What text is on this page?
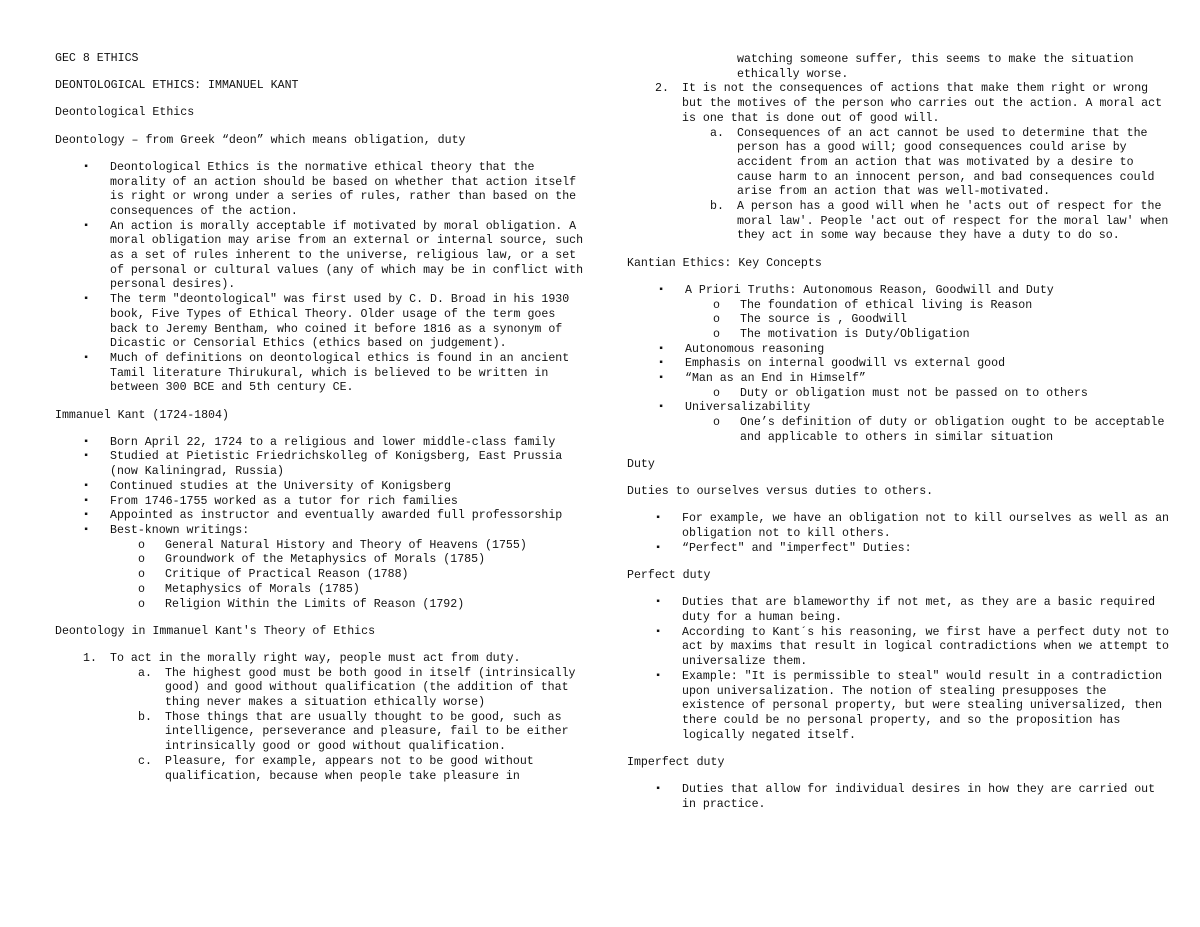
GEC 8 ETHICS

DEONTOLOGICAL ETHICS: IMMANUEL KANT

Deontological Ethics

Deontology – from Greek “deon” which means obligation, duty

▪ Deontological Ethics is the normative ethical theory that the morality of an action should be based on whether that action itself is right or wrong under a series of rules, rather than based on the consequences of the action.
▪ An action is morally acceptable if motivated by moral obligation. A moral obligation may arise from an external or internal source, such as a set of rules inherent to the universe, religious law, or a set of personal or cultural values (any of which may be in conflict with personal desires).
▪ The term "deontological" was first used by C. D. Broad in his 1930 book, Five Types of Ethical Theory. Older usage of the term goes back to Jeremy Bentham, who coined it before 1816 as a synonym of Dicastic or Censorial Ethics (ethics based on judgement).
▪ Much of definitions on deontological ethics is found in an ancient Tamil literature Thirukural, which is believed to be written in between 300 BCE and 5th century CE.

Immanuel Kant (1724-1804)

▪ Born April 22, 1724 to a religious and lower middle-class family
▪ Studied at Pietistic Friedrichskolleg of Konigsberg, East Prussia (now Kaliningrad, Russia)
▪ Continued studies at the University of Konigsberg
▪ From 1746-1755 worked as a tutor for rich families
▪ Appointed as instructor and eventually awarded full professorship
▪ Best-known writings:
o General Natural History and Theory of Heavens (1755)
o Groundwork of the Metaphysics of Morals (1785)
o Critique of Practical Reason (1788)
o Metaphysics of Morals (1785)
o Religion Within the Limits of Reason (1792)

Deontology in Immanuel Kant's Theory of Ethics

1. To act in the morally right way, people must act from duty.
a. The highest good must be both good in itself (intrinsically good) and good without qualification (the addition of that thing never makes a situation ethically worse)
b. Those things that are usually thought to be good, such as intelligence, perseverance and pleasure, fail to be either intrinsically good or good without qualification.
c. Pleasure, for example, appears not to be good without qualification, because when people take pleasure in

watching someone suffer, this seems to make the situation ethically worse.

2. It is not the consequences of actions that make them right or wrong but the motives of the person who carries out the action. A moral act is one that is done out of good will.
a. Consequences of an act cannot be used to determine that the person has a good will; good consequences could arise by accident from an action that was motivated by a desire to cause harm to an innocent person, and bad consequences could arise from an action that was well-motivated.
b. A person has a good will when he 'acts out of respect for the moral law'. People 'act out of respect for the moral law' when they act in some way because they have a duty to do so.

Kantian Ethics: Key Concepts

▪ A Priori Truths: Autonomous Reason, Goodwill and Duty
o The foundation of ethical living is Reason
o The source is , Goodwill
o The motivation is Duty/Obligation
▪ Autonomous reasoning
▪ Emphasis on internal goodwill vs external good
▪ “Man as an End in Himself”
o Duty or obligation must not be passed on to others
▪ Universalizability
o One’s definition of duty or obligation ought to be acceptable and applicable to others in similar situation

Duty

Duties to ourselves versus duties to others.

▪ For example, we have an obligation not to kill ourselves as well as an obligation not to kill others.
▪ “Perfect" and "imperfect" Duties:

Perfect duty

▪ Duties that are blameworthy if not met, as they are a basic required duty for a human being.
▪ According to Kant´s his reasoning, we first have a perfect duty not to act by maxims that result in logical contradictions when we attempt to universalize them.
▪ Example: "It is permissible to steal" would result in a contradiction upon universalization. The notion of stealing presupposes the existence of personal property, but were stealing universalized, then there could be no personal property, and so the proposition has logically negated itself.

Imperfect duty

▪ Duties that allow for individual desires in how they are carried out in practice.
